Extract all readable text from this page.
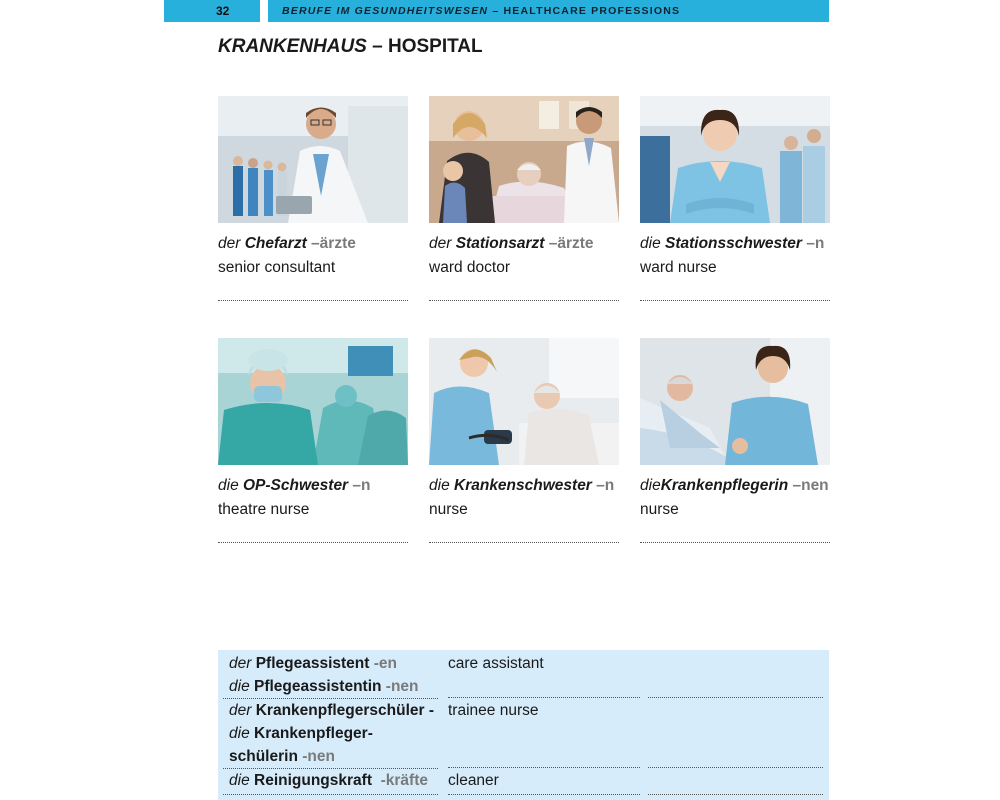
32	BERUFE IM GESUNDHEITSWESEN – HEALTHCARE PROFESSIONS
KRANKENHAUS – HOSPITAL
der Chefarzt –ärzte
senior consultant
der Stationsarzt –ärzte
ward doctor
die Stationsschwester –n
ward nurse
die OP-Schwester –n
theatre nurse
die Krankenschwester –n
nurse
dieKrankenpflegerin –nen
nurse
der Pflegeassistent -en
die Pflegeassistentin -nen
care assistant
der Krankenpflegerschüler -
die Krankenpfleger-
schülerin -nen
trainee nurse
die Reinigungskraft  -kräfte cleaner
